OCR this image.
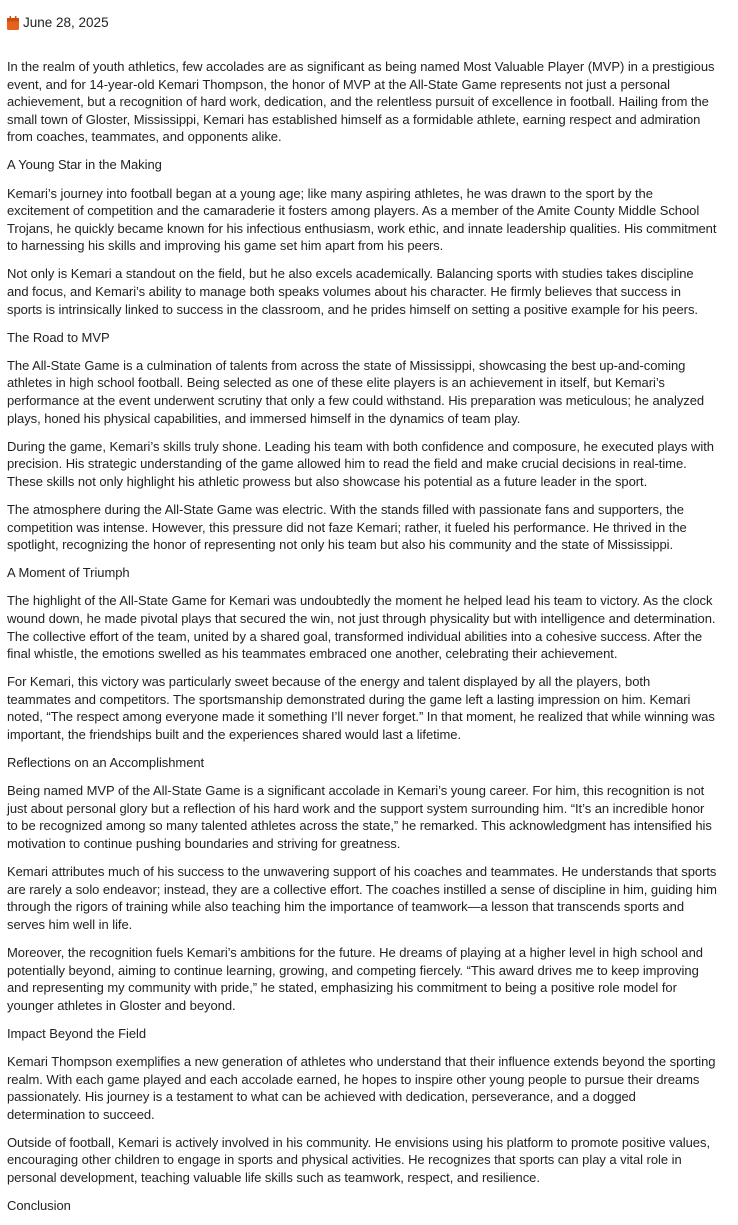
June 28, 2025

In the realm of youth athletics, few accolades are as significant as being named Most Valuable Player (MVP) in a prestigious event, and for 14-year-old Kemari Thompson, the honor of MVP at the All-State Game represents not just a personal achievement, but a recognition of hard work, dedication, and the relentless pursuit of excellence in football. Hailing from the small town of Gloster, Mississippi, Kemari has established himself as a formidable athlete, earning respect and admiration from coaches, teammates, and opponents alike.

A Young Star in the Making

Kemari’s journey into football began at a young age; like many aspiring athletes, he was drawn to the sport by the excitement of competition and the camaraderie it fosters among players. As a member of the Amite County Middle School Trojans, he quickly became known for his infectious enthusiasm, work ethic, and innate leadership qualities. His commitment to harnessing his skills and improving his game set him apart from his peers.

Not only is Kemari a standout on the field, but he also excels academically. Balancing sports with studies takes discipline and focus, and Kemari’s ability to manage both speaks volumes about his character. He firmly believes that success in sports is intrinsically linked to success in the classroom, and he prides himself on setting a positive example for his peers.

The Road to MVP

The All-State Game is a culmination of talents from across the state of Mississippi, showcasing the best up-and-coming athletes in high school football. Being selected as one of these elite players is an achievement in itself, but Kemari’s performance at the event underwent scrutiny that only a few could withstand. His preparation was meticulous; he analyzed plays, honed his physical capabilities, and immersed himself in the dynamics of team play.

During the game, Kemari’s skills truly shone. Leading his team with both confidence and composure, he executed plays with precision. His strategic understanding of the game allowed him to read the field and make crucial decisions in real-time. These skills not only highlight his athletic prowess but also showcase his potential as a future leader in the sport.

The atmosphere during the All-State Game was electric. With the stands filled with passionate fans and supporters, the competition was intense. However, this pressure did not faze Kemari; rather, it fueled his performance. He thrived in the spotlight, recognizing the honor of representing not only his team but also his community and the state of Mississippi.

A Moment of Triumph

The highlight of the All-State Game for Kemari was undoubtedly the moment he helped lead his team to victory. As the clock wound down, he made pivotal plays that secured the win, not just through physicality but with intelligence and determination. The collective effort of the team, united by a shared goal, transformed individual abilities into a cohesive success. After the final whistle, the emotions swelled as his teammates embraced one another, celebrating their achievement.

For Kemari, this victory was particularly sweet because of the energy and talent displayed by all the players, both teammates and competitors. The sportsmanship demonstrated during the game left a lasting impression on him. Kemari noted, “The respect among everyone made it something I’ll never forget.” In that moment, he realized that while winning was important, the friendships built and the experiences shared would last a lifetime.

Reflections on an Accomplishment

Being named MVP of the All-State Game is a significant accolade in Kemari’s young career. For him, this recognition is not just about personal glory but a reflection of his hard work and the support system surrounding him. “It’s an incredible honor to be recognized among so many talented athletes across the state,” he remarked. This acknowledgment has intensified his motivation to continue pushing boundaries and striving for greatness.

Kemari attributes much of his success to the unwavering support of his coaches and teammates. He understands that sports are rarely a solo endeavor; instead, they are a collective effort. The coaches instilled a sense of discipline in him, guiding him through the rigors of training while also teaching him the importance of teamwork—a lesson that transcends sports and serves him well in life.

Moreover, the recognition fuels Kemari’s ambitions for the future. He dreams of playing at a higher level in high school and potentially beyond, aiming to continue learning, growing, and competing fiercely. “This award drives me to keep improving and representing my community with pride,” he stated, emphasizing his commitment to being a positive role model for younger athletes in Gloster and beyond.

Impact Beyond the Field

Kemari Thompson exemplifies a new generation of athletes who understand that their influence extends beyond the sporting realm. With each game played and each accolade earned, he hopes to inspire other young people to pursue their dreams passionately. His journey is a testament to what can be achieved with dedication, perseverance, and a dogged determination to succeed.

Outside of football, Kemari is actively involved in his community. He envisions using his platform to promote positive values, encouraging other children to engage in sports and physical activities. He recognizes that sports can play a vital role in personal development, teaching valuable life skills such as teamwork, respect, and resilience.

Conclusion
